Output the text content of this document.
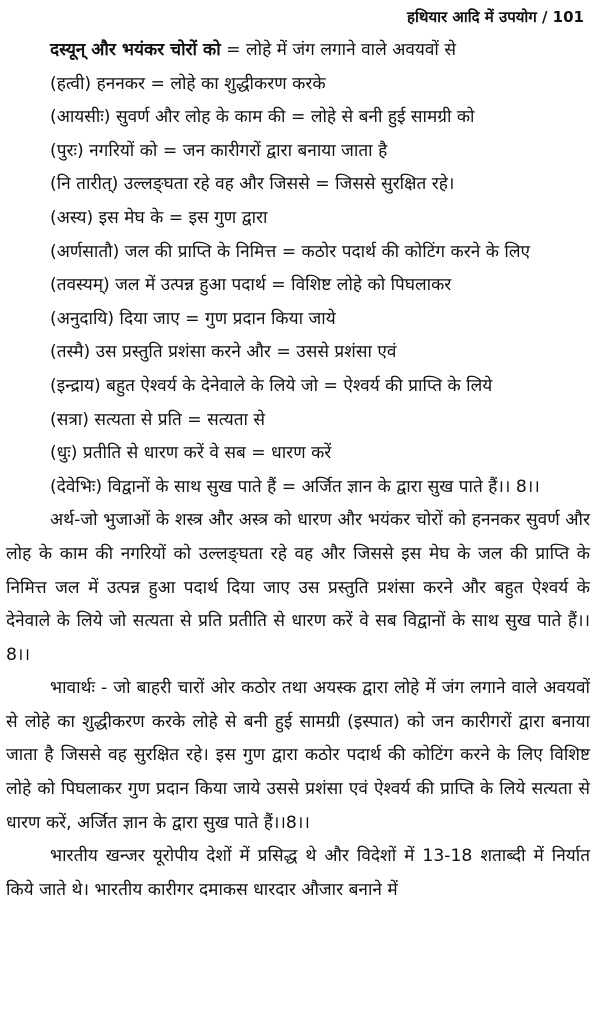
हथियार आदि में उपयोग / 101

दस्यून्‌ और भयंकर चोरों को = लोहे में जंग लगाने वाले अवयवों से

(हत्वी) हननकर = लोहे का शुद्धीकरण करके

(आयसीः) सुवर्ण और लोह के काम की = लोहे से बनी हुई सामग्री को

(पुरः) नगरियों को = जन कारीगरों द्वारा बनाया जाता है

(नि तारीत्‌) उल्लङ्‌घता रहे वह और जिससे = जिससे सुरक्षित रहे।

(अस्य) इस मेघ के = इस गुण द्वारा

(अर्णसातौ) जल की प्राप्ति के निमित्त = कठोर पदार्थ की कोटिंग करने के लिए

(तवस्यम्‌) जल में उत्पन्न हुआ पदार्थ = विशिष्ट लोहे को पिघलाकर

(अनुदायि) दिया जाए = गुण प्रदान किया जाये

(तस्मै) उस प्रस्तुति प्रशंसा करने और = उससे प्रशंसा एवं

(इन्द्राय) बहुत ऐश्वर्य के देनेवाले के लिये जो = ऐश्वर्य की प्राप्ति के लिये

(सत्रा) सत्यता से प्रति = सत्यता से

(धुः) प्रतीति से धारण करें वे सब = धारण करें

(देवेभिः) विद्वानों के साथ सुख पाते हैं = अर्जित ज्ञान के द्वारा सुख पाते हैं।। 8।।

अर्थ-जो भुजाओं के शस्त्र और अस्त्र को धारण और भयंकर चोरों को हननकर सुवर्ण और लोह के काम की नगरियों को उल्लङ्‌घता रहे वह और जिससे इस मेघ के जल की प्राप्ति के निमित्त जल में उत्पन्न हुआ पदार्थ दिया जाए उस प्रस्तुति प्रशंसा करने और बहुत ऐश्वर्य के देनेवाले के लिये जो सत्यता से प्रति प्रतीति से धारण करें वे सब विद्वानों के साथ सुख पाते हैं।।8।।

भावार्थः - जो बाहरी चारों ओर कठोर तथा अयस्क द्वारा लोहे में जंग लगाने वाले अवयवों से लोहे का शुद्धीकरण करके लोहे से बनी हुई सामग्री (इस्पात) को जन कारीगरों द्वारा बनाया जाता है जिससे वह सुरक्षित रहे। इस गुण द्वारा कठोर पदार्थ की कोटिंग करने के लिए विशिष्ट लोहे को पिघलाकर गुण प्रदान किया जाये उससे प्रशंसा एवं ऐश्वर्य की प्राप्ति के लिये सत्यता से धारण करें, अर्जित ज्ञान के द्वारा सुख पाते हैं।।8।।

भारतीय खन्जर यूरोपीय देशों में प्रसिद्ध थे और विदेशों में 13-18 शताब्दी में निर्यात किये जाते थे। भारतीय कारीगर दमाकस धारदार औजार बनाने में
